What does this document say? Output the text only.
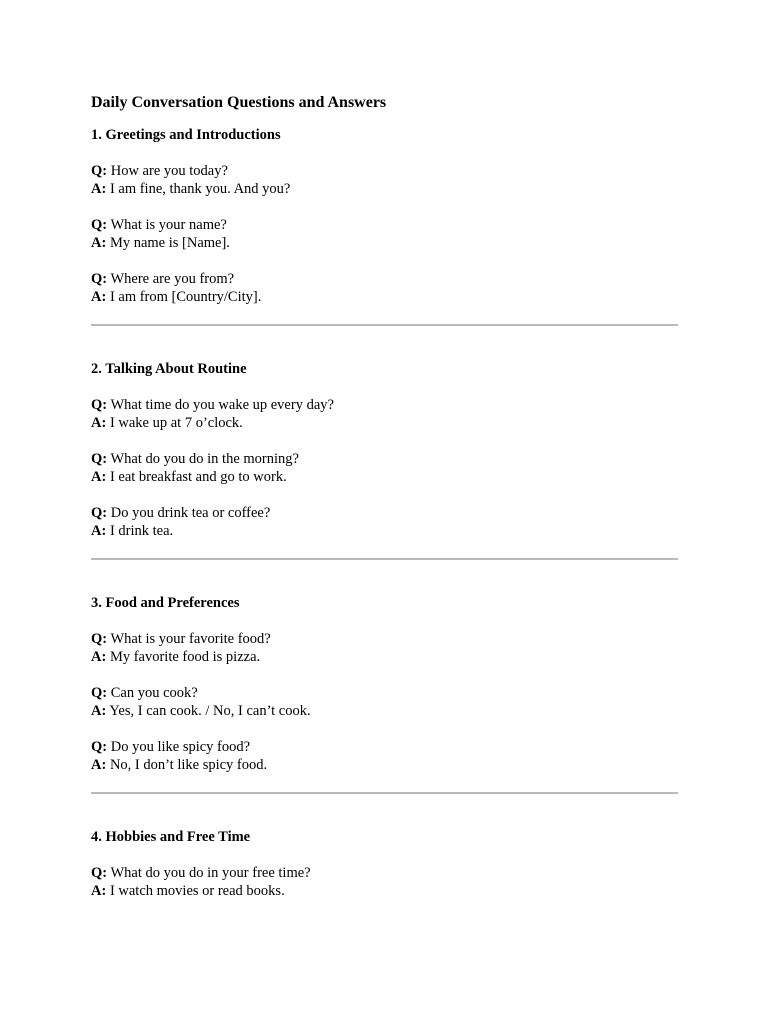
Daily Conversation Questions and Answers
1. Greetings and Introductions
Q: How are you today?
A: I am fine, thank you. And you?
Q: What is your name?
A: My name is [Name].
Q: Where are you from?
A: I am from [Country/City].
2. Talking About Routine
Q: What time do you wake up every day?
A: I wake up at 7 o’clock.
Q: What do you do in the morning?
A: I eat breakfast and go to work.
Q: Do you drink tea or coffee?
A: I drink tea.
3. Food and Preferences
Q: What is your favorite food?
A: My favorite food is pizza.
Q: Can you cook?
A: Yes, I can cook. / No, I can’t cook.
Q: Do you like spicy food?
A: No, I don’t like spicy food.
4. Hobbies and Free Time
Q: What do you do in your free time?
A: I watch movies or read books.
